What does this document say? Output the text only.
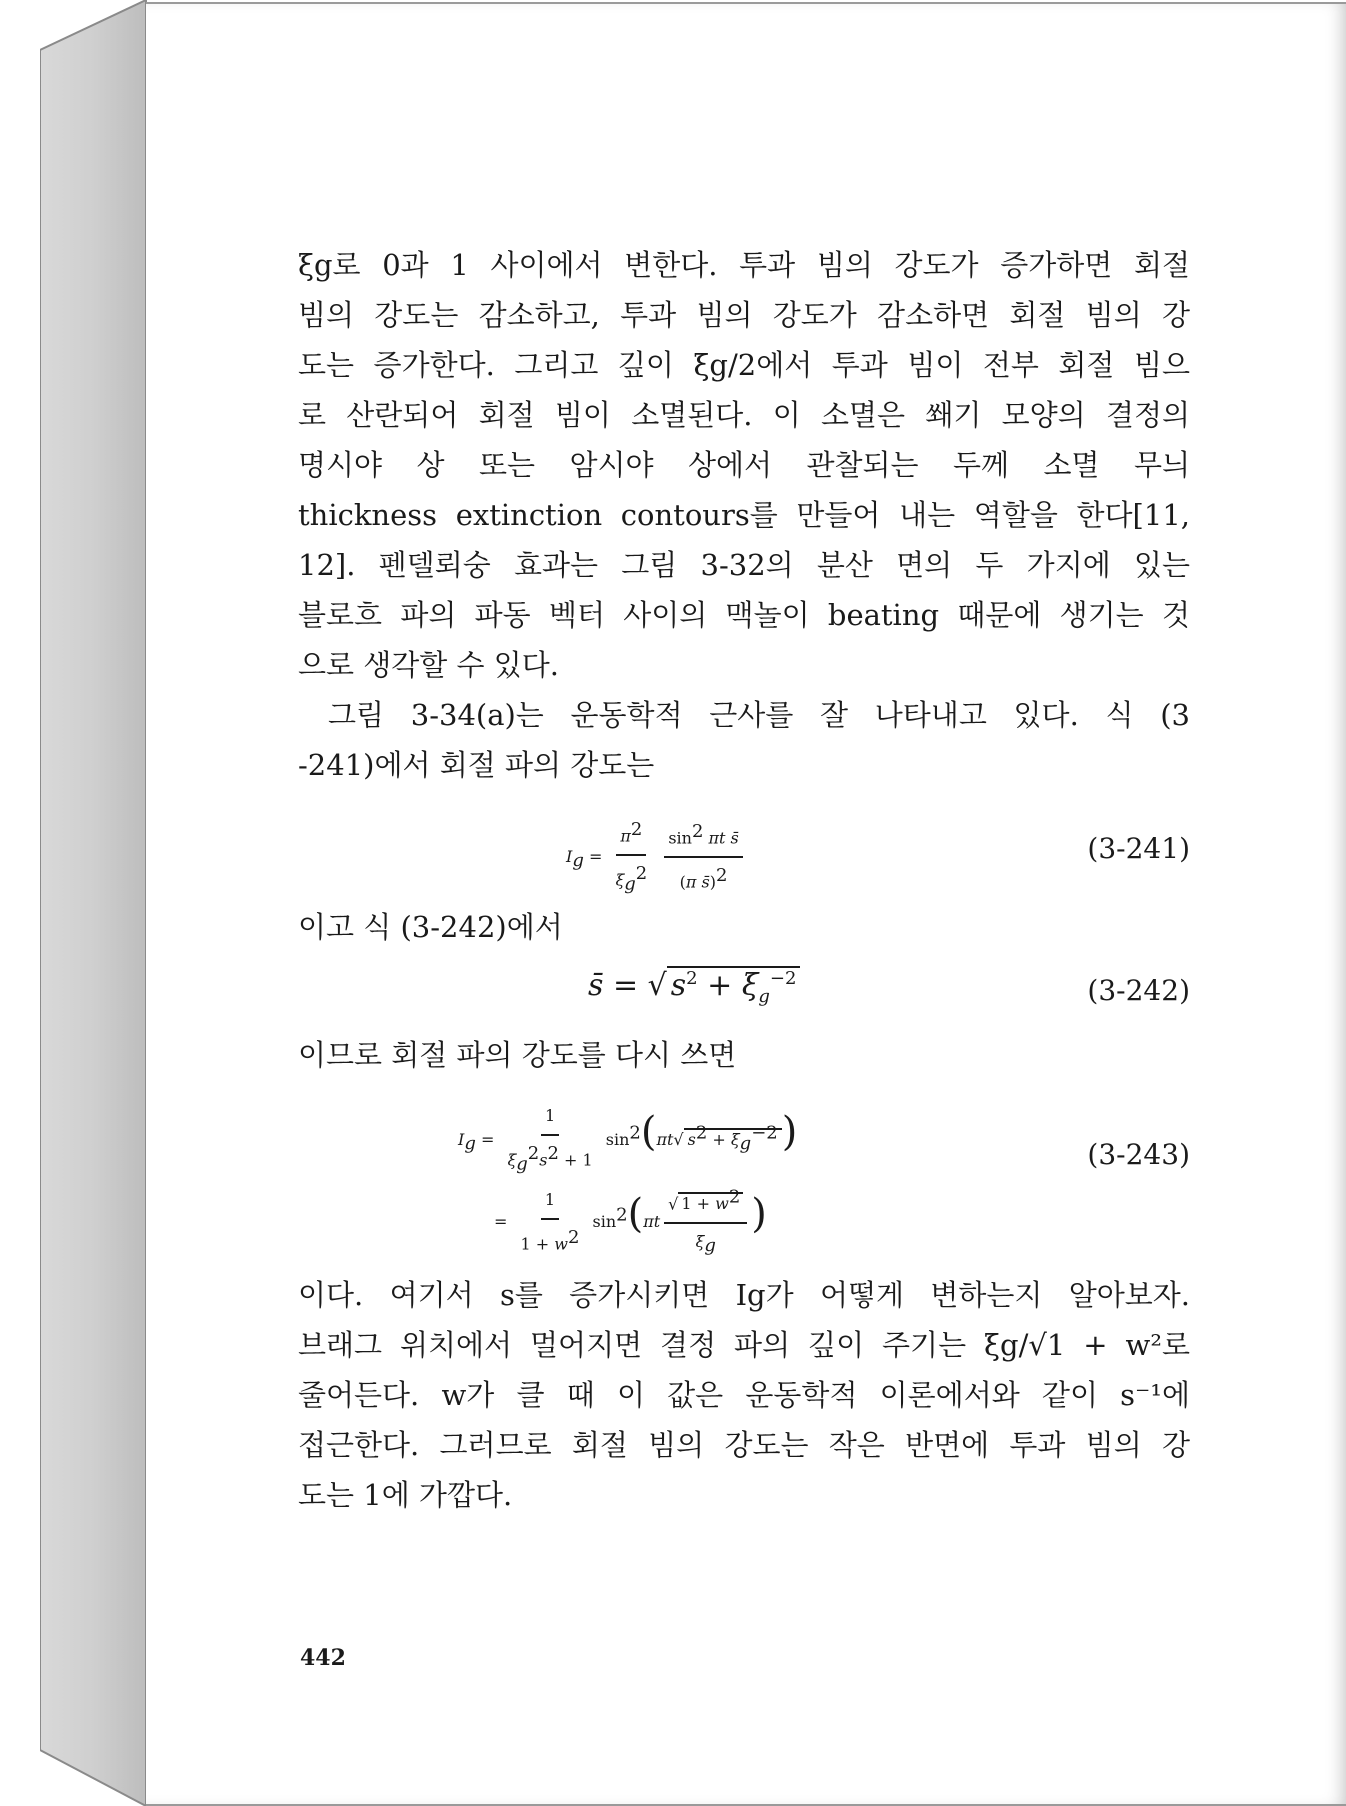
ξg로 0과 1 사이에서 변한다. 투과 빔의 강도가 증가하면 회절
빔의 강도는 감소하고, 투과 빔의 강도가 감소하면 회절 빔의 강
도는 증가한다. 그리고 깊이 ξg/2에서 투과 빔이 전부 회절 빔으
로 산란되어 회절 빔이 소멸된다. 이 소멸은 쐐기 모양의 결정의
명시야 상 또는 암시야 상에서 관찰되는 두께 소멸 무늬
thickness extinction contours를 만들어 내는 역할을 한다[11,
12]. 펜델뢰숭 효과는 그림 3-32의 분산 면의 두 가지에 있는
블로흐 파의 파동 벡터 사이의 맥놀이 beating 때문에 생기는 것
으로 생각할 수 있다.

그림 3-34(a)는 운동학적 근사를 잘 나타내고 있다. 식 (3
-241)에서 회절 파의 강도는

$I_g = \frac{\pi^2}{\xi_g^2}$
$\frac{\sin^2 \pi t s̄}{(\pi s̄)^2}$	(3-241)

이고 식 (3-242)에서

s̄ = √ $s^2 + \xi_g^{-2}$	(3-242)

이므로 회절 파의 강도를 다시 쓰면

$I_g = \frac{1}{\xi_g^2s^2 + 1} \sin^2(\pi t√$ $s^2 + \xi_g^{-2}$ )
= $\frac{1}{1 + w^2} \sin^2(\pi t \frac{√ 1 + w^2}{\xi_g}$ )
(3-243)

이다. 여기서 s를 증가시키면 Ig가 어떻게 변하는지 알아보자.
브래그 위치에서 멀어지면 결정 파의 깊이 주기는 ξg/√1 + w²로
줄어든다. w가 클 때 이 값은 운동학적 이론에서와 같이 s⁻¹에
접근한다. 그러므로 회절 빔의 강도는 작은 반면에 투과 빔의 강
도는 1에 가깝다.

442
